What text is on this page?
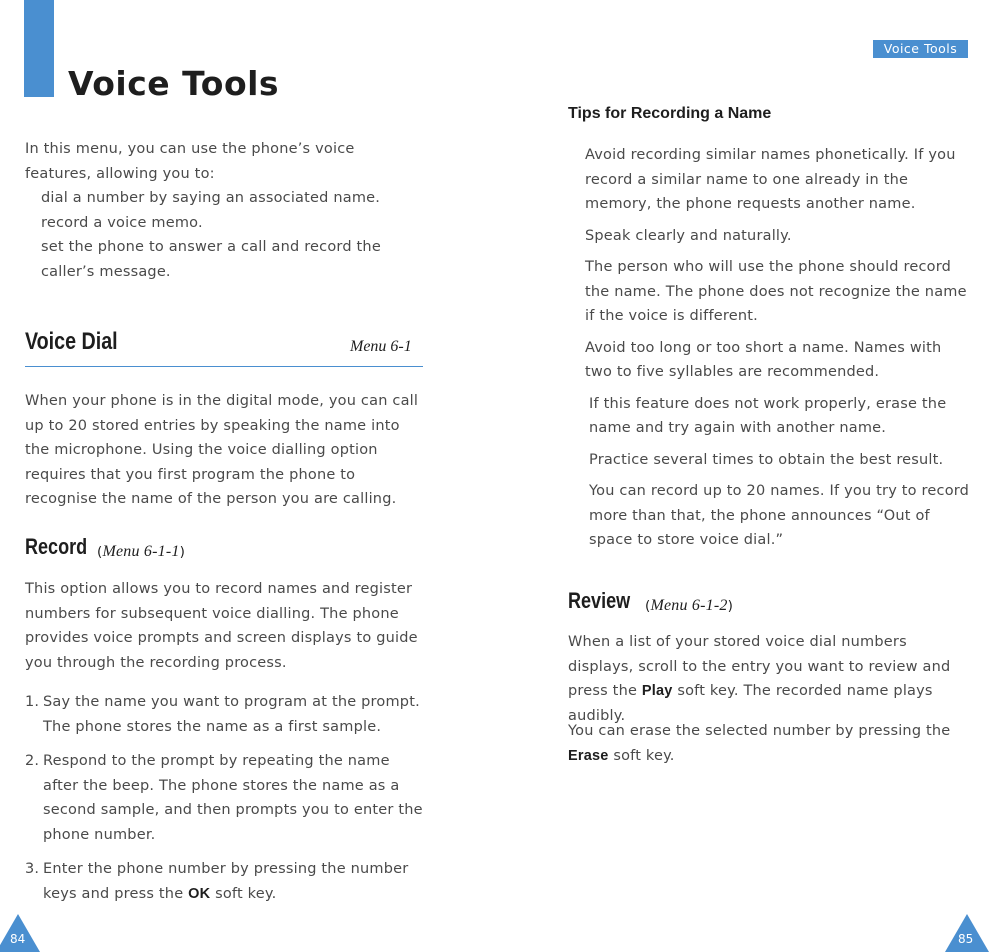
Voice Tools
In this menu, you can use the phone’s voice features, allowing you to:
dial a number by saying an associated name.
record a voice memo.
set the phone to answer a call and record the caller’s message.
Voice Dial	Menu 6-1

When your phone is in the digital mode, you can call up to 20 stored entries by speaking the name into the microphone. Using the voice dialling option requires that you first program the phone to recognise the name of the person you are calling.

Record (Menu 6-1-1)

This option allows you to record names and register numbers for subsequent voice dialling. The phone provides voice prompts and screen displays to guide you through the recording process.

1. Say the name you want to program at the prompt. The phone stores the name as a first sample.
2. Respond to the prompt by repeating the name after the beep. The phone stores the name as a second sample, and then prompts you to enter the phone number.
3. Enter the phone number by pressing the number keys and press the OK soft key.
Voice Tools
Tips for Recording a Name
Avoid recording similar names phonetically. If you record a similar name to one already in the memory, the phone requests another name.
Speak clearly and naturally.
The person who will use the phone should record the name. The phone does not recognize the name if the voice is different.
Avoid too long or too short a name. Names with two to five syllables are recommended.
If this feature does not work properly, erase the name and try again with another name.
Practice several times to obtain the best result.
You can record up to 20 names. If you try to record more than that, the phone announces “Out of space to store voice dial.”
Review (Menu 6-1-2)

When a list of your stored voice dial numbers displays, scroll to the entry you want to review and press the Play soft key. The recorded name plays audibly.

You can erase the selected number by pressing the Erase soft key.

84	85
